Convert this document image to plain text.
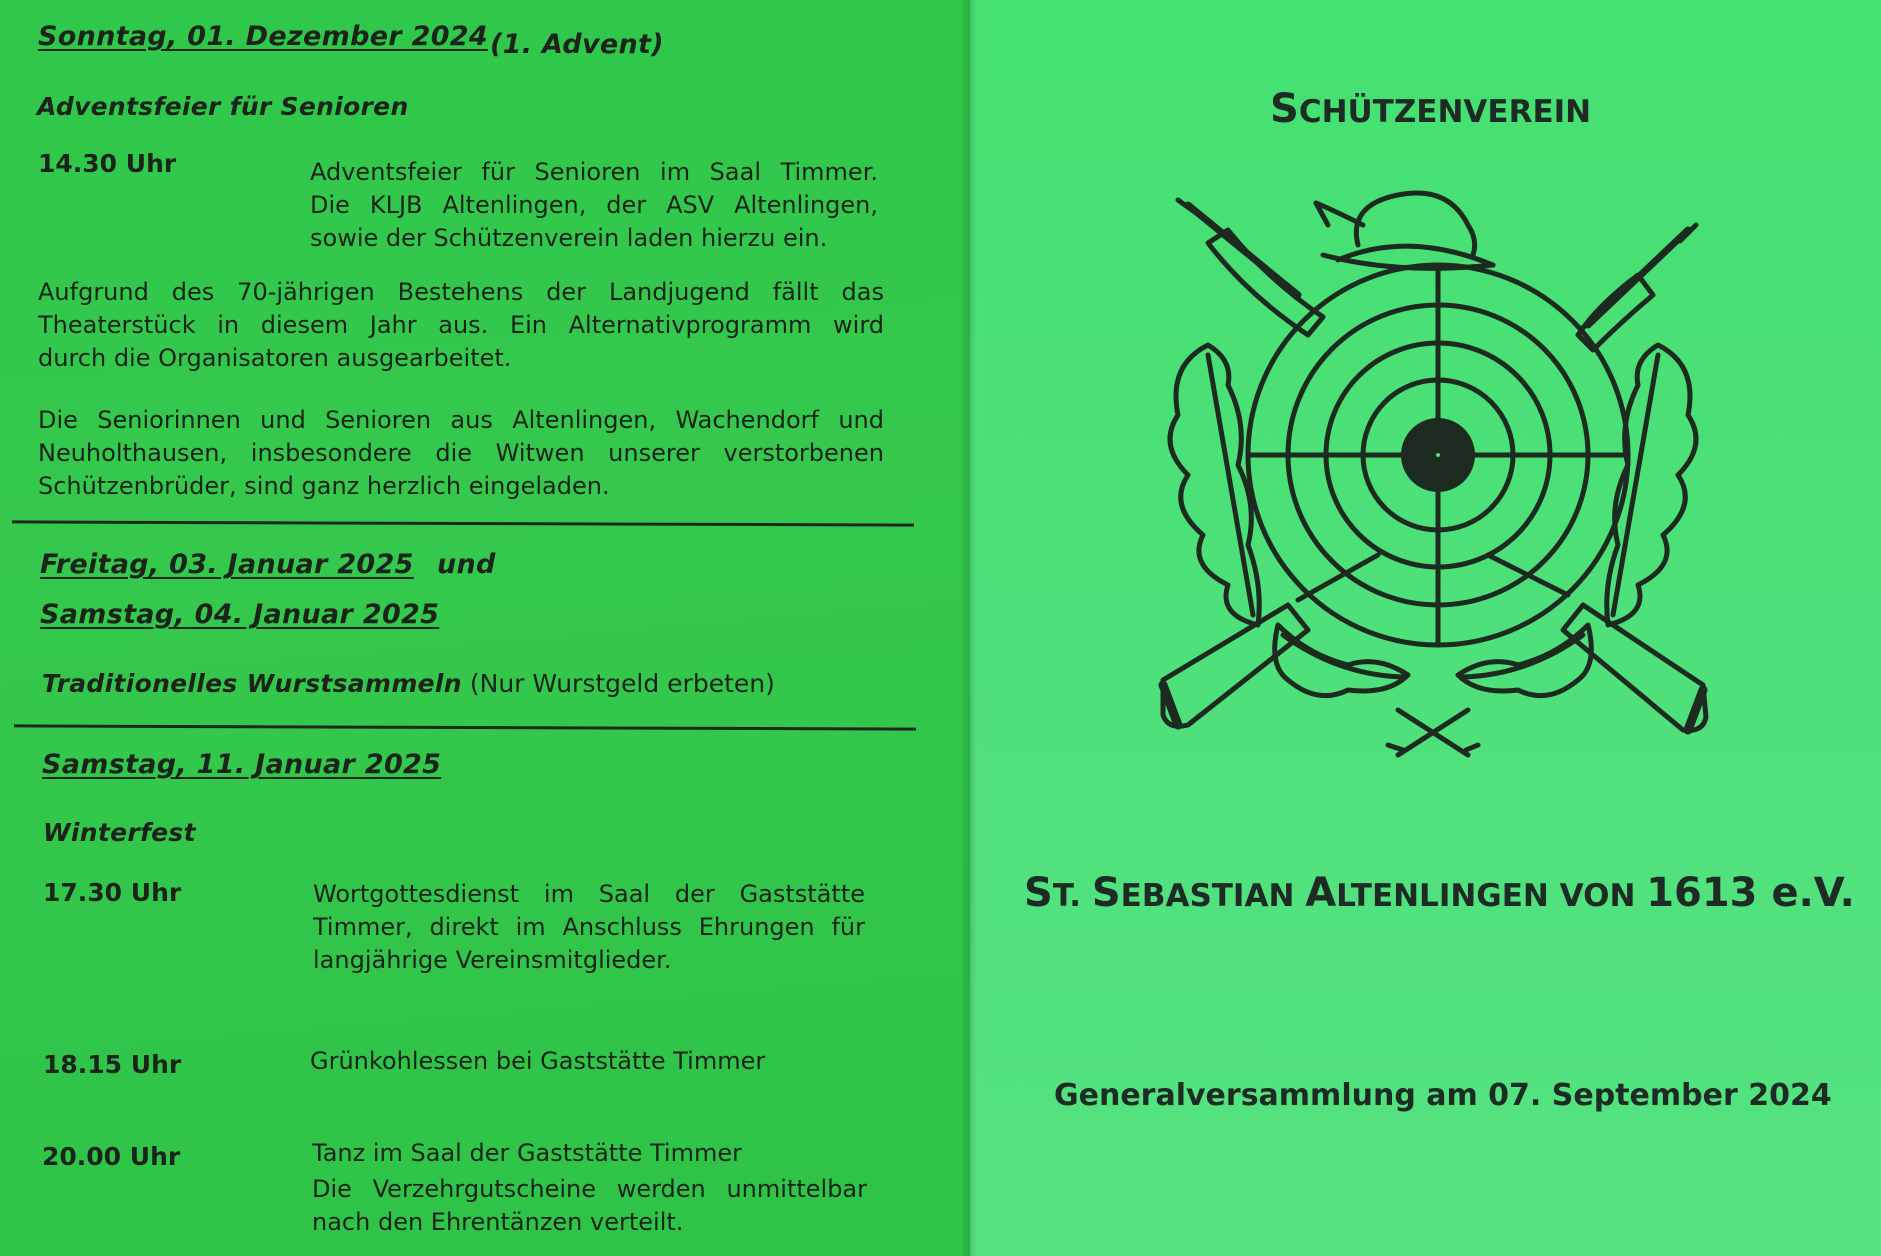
Sonntag, 01. Dezember 2024 (1. Advent)
Adventsfeier für Senioren
14.30 Uhr	Adventsfeier für Senioren im Saal Timmer.
Die KLJB Altenlingen, der ASV Altenlingen,
sowie der Schützenverein laden hierzu ein.
Aufgrund des 70-jährigen Bestehens der Landjugend fällt das
Theaterstück in diesem Jahr aus. Ein Alternativprogramm wird
durch die Organisatoren ausgearbeitet.
Die Seniorinnen und Senioren aus Altenlingen, Wachendorf und
Neuholthausen, insbesondere die Witwen unserer verstorbenen
Schützenbrüder, sind ganz herzlich eingeladen.
Freitag, 03. Januar 2025 und
Samstag, 04. Januar 2025
Traditionelles Wurstsammeln (Nur Wurstgeld erbeten)
Samstag, 11. Januar 2025
Winterfest
17.30 Uhr	Wortgottesdienst im Saal der Gaststätte
Timmer, direkt im Anschluss Ehrungen für
langjährige Vereinsmitglieder.
18.15 Uhr	Grünkohlessen bei Gaststätte Timmer
20.00 Uhr	Tanz im Saal der Gaststätte Timmer
Die Verzehrgutscheine werden unmittelbar
nach den Ehrentänzen verteilt.
SCHÜTZENVEREIN
ST. SEBASTIAN ALTENLINGEN VON 1613 e.V.
Generalversammlung am 07. September 2024
